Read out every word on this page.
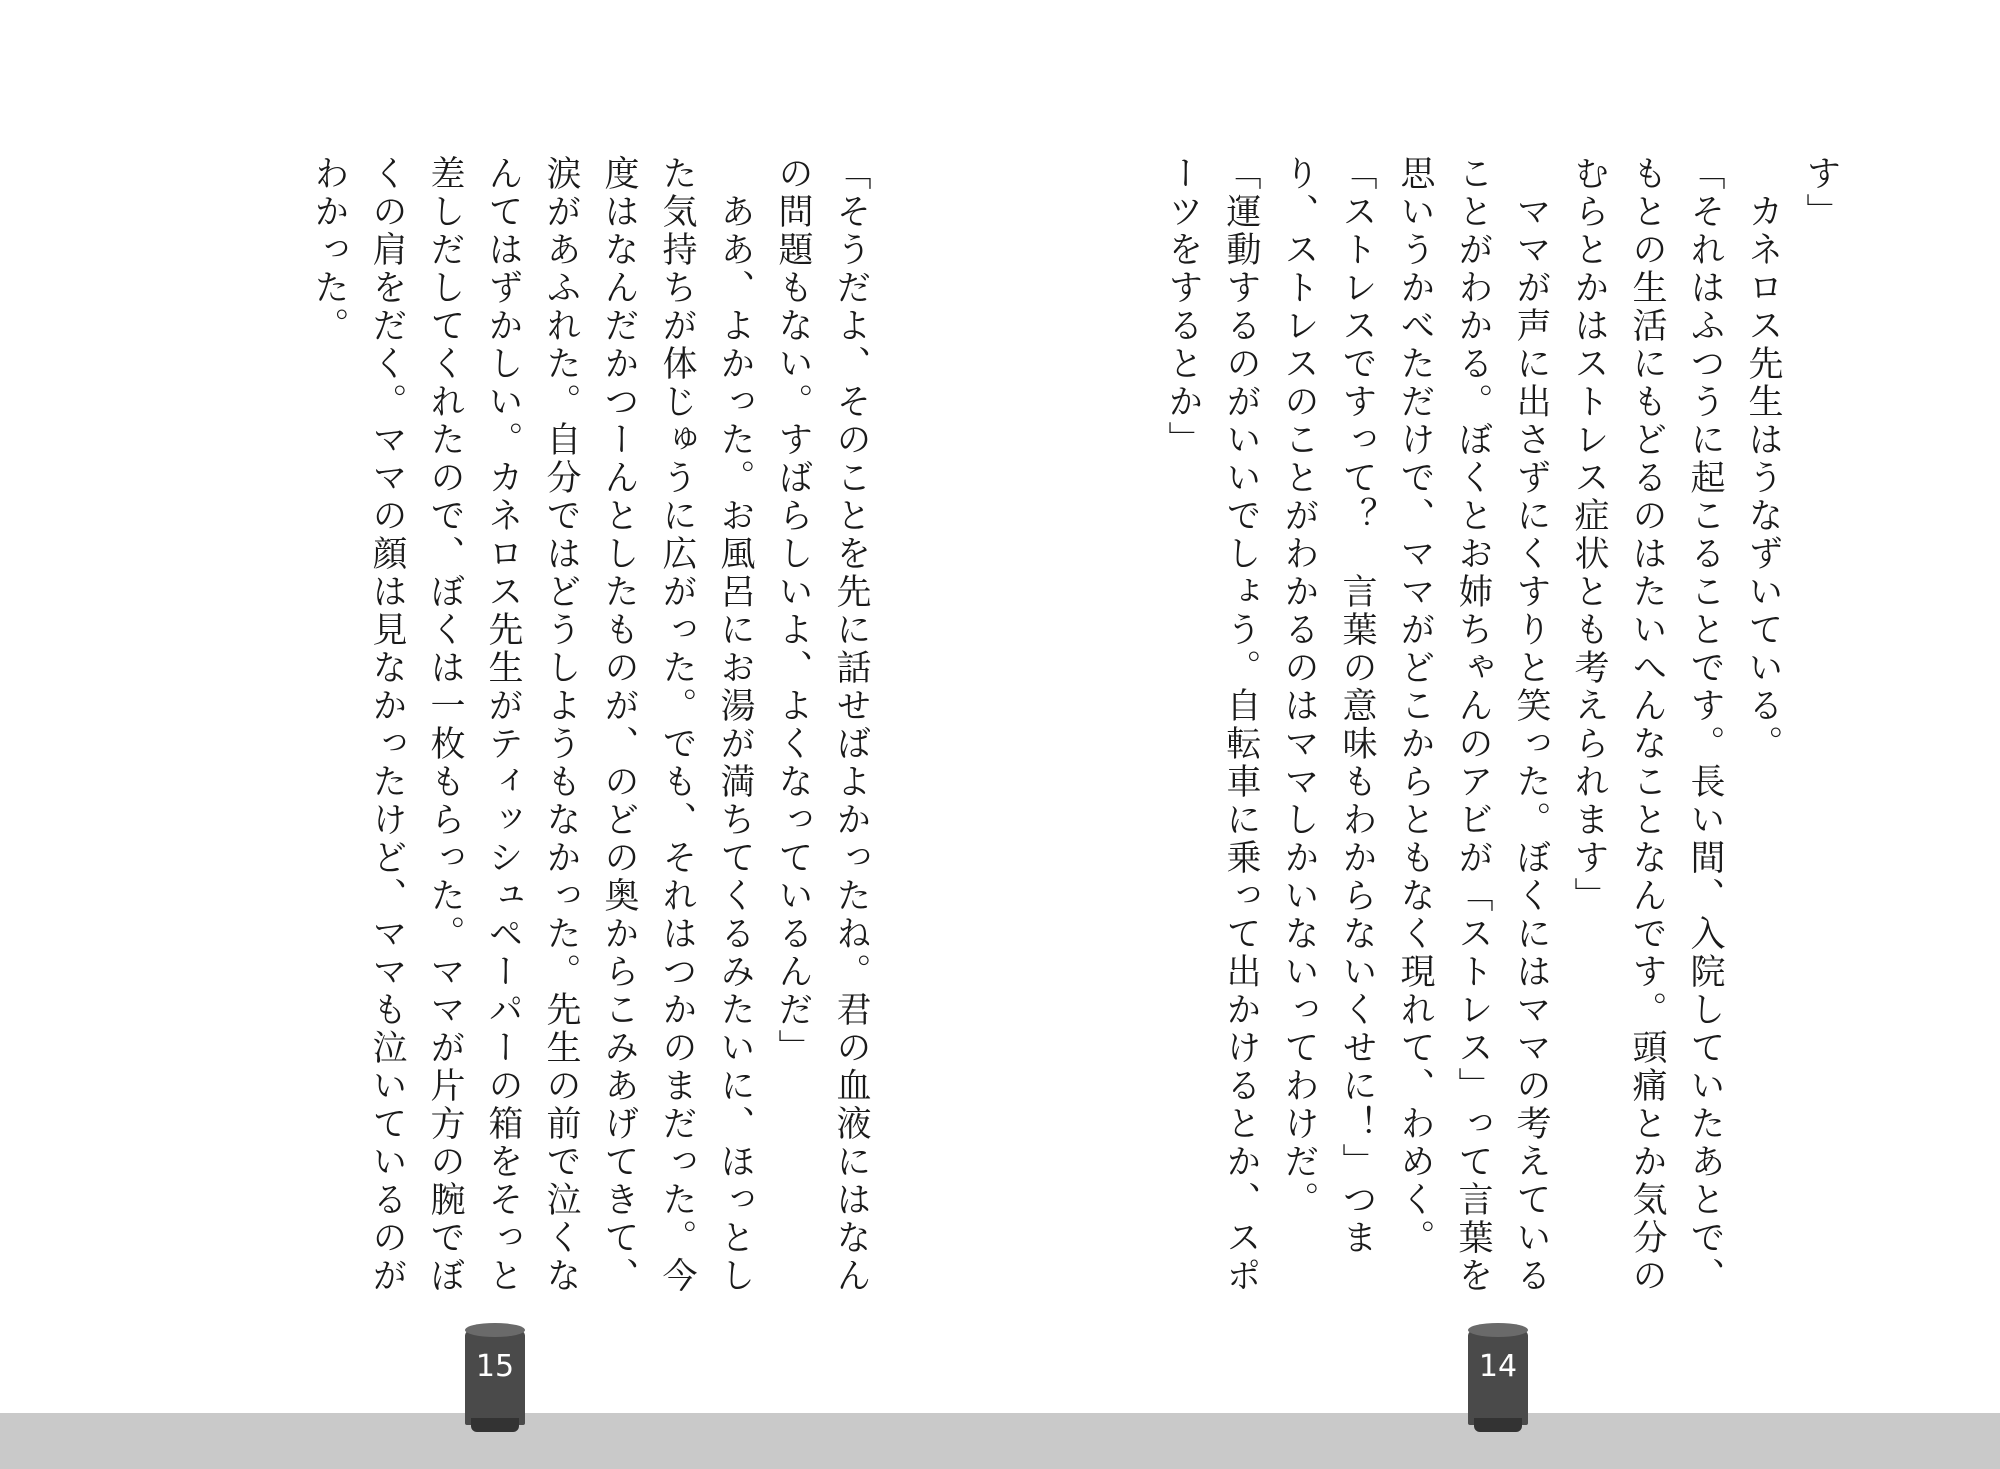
す」

　カネロス先生はうなずいている。

「それはふつうに起こることです。長い間、入院していたあとで、もとの生活にもどるのはたいへんなことなんです。頭痛とか気分のむらとかはストレス症状とも考えられます」

　ママが声に出さずにくすりと笑った。ぼくにはママの考えていることがわかる。ぼくとお姉ちゃんのアビが「ストレス」って言葉を思いうかべただけで、ママがどこからともなく現れて、わめく。「ストレスですって？　言葉の意味もわからないくせに！」つまり、ストレスのことがわかるのはママしかいないってわけだ。

「運動するのがいいでしょう。自転車に乗って出かけるとか、スポーツをするとか」

「そうだよ、そのことを先に話せばよかったね。君の血液にはなんの問題もない。すばらしいよ、よくなっているんだ」

　ああ、よかった。お風呂にお湯が満ちてくるみたいに、ほっとした気持ちが体じゅうに広がった。でも、それはつかのまだった。今度はなんだかつーんとしたものが、のどの奥からこみあげてきて、涙があふれた。自分ではどうしようもなかった。先生の前で泣くなんてはずかしい。カネロス先生がティッシュペーパーの箱をそっと差しだしてくれたので、ぼくは一枚もらった。ママが片方の腕でぼくの肩をだく。ママの顔は見なかったけど、ママも泣いているのがわかった。

15	14
